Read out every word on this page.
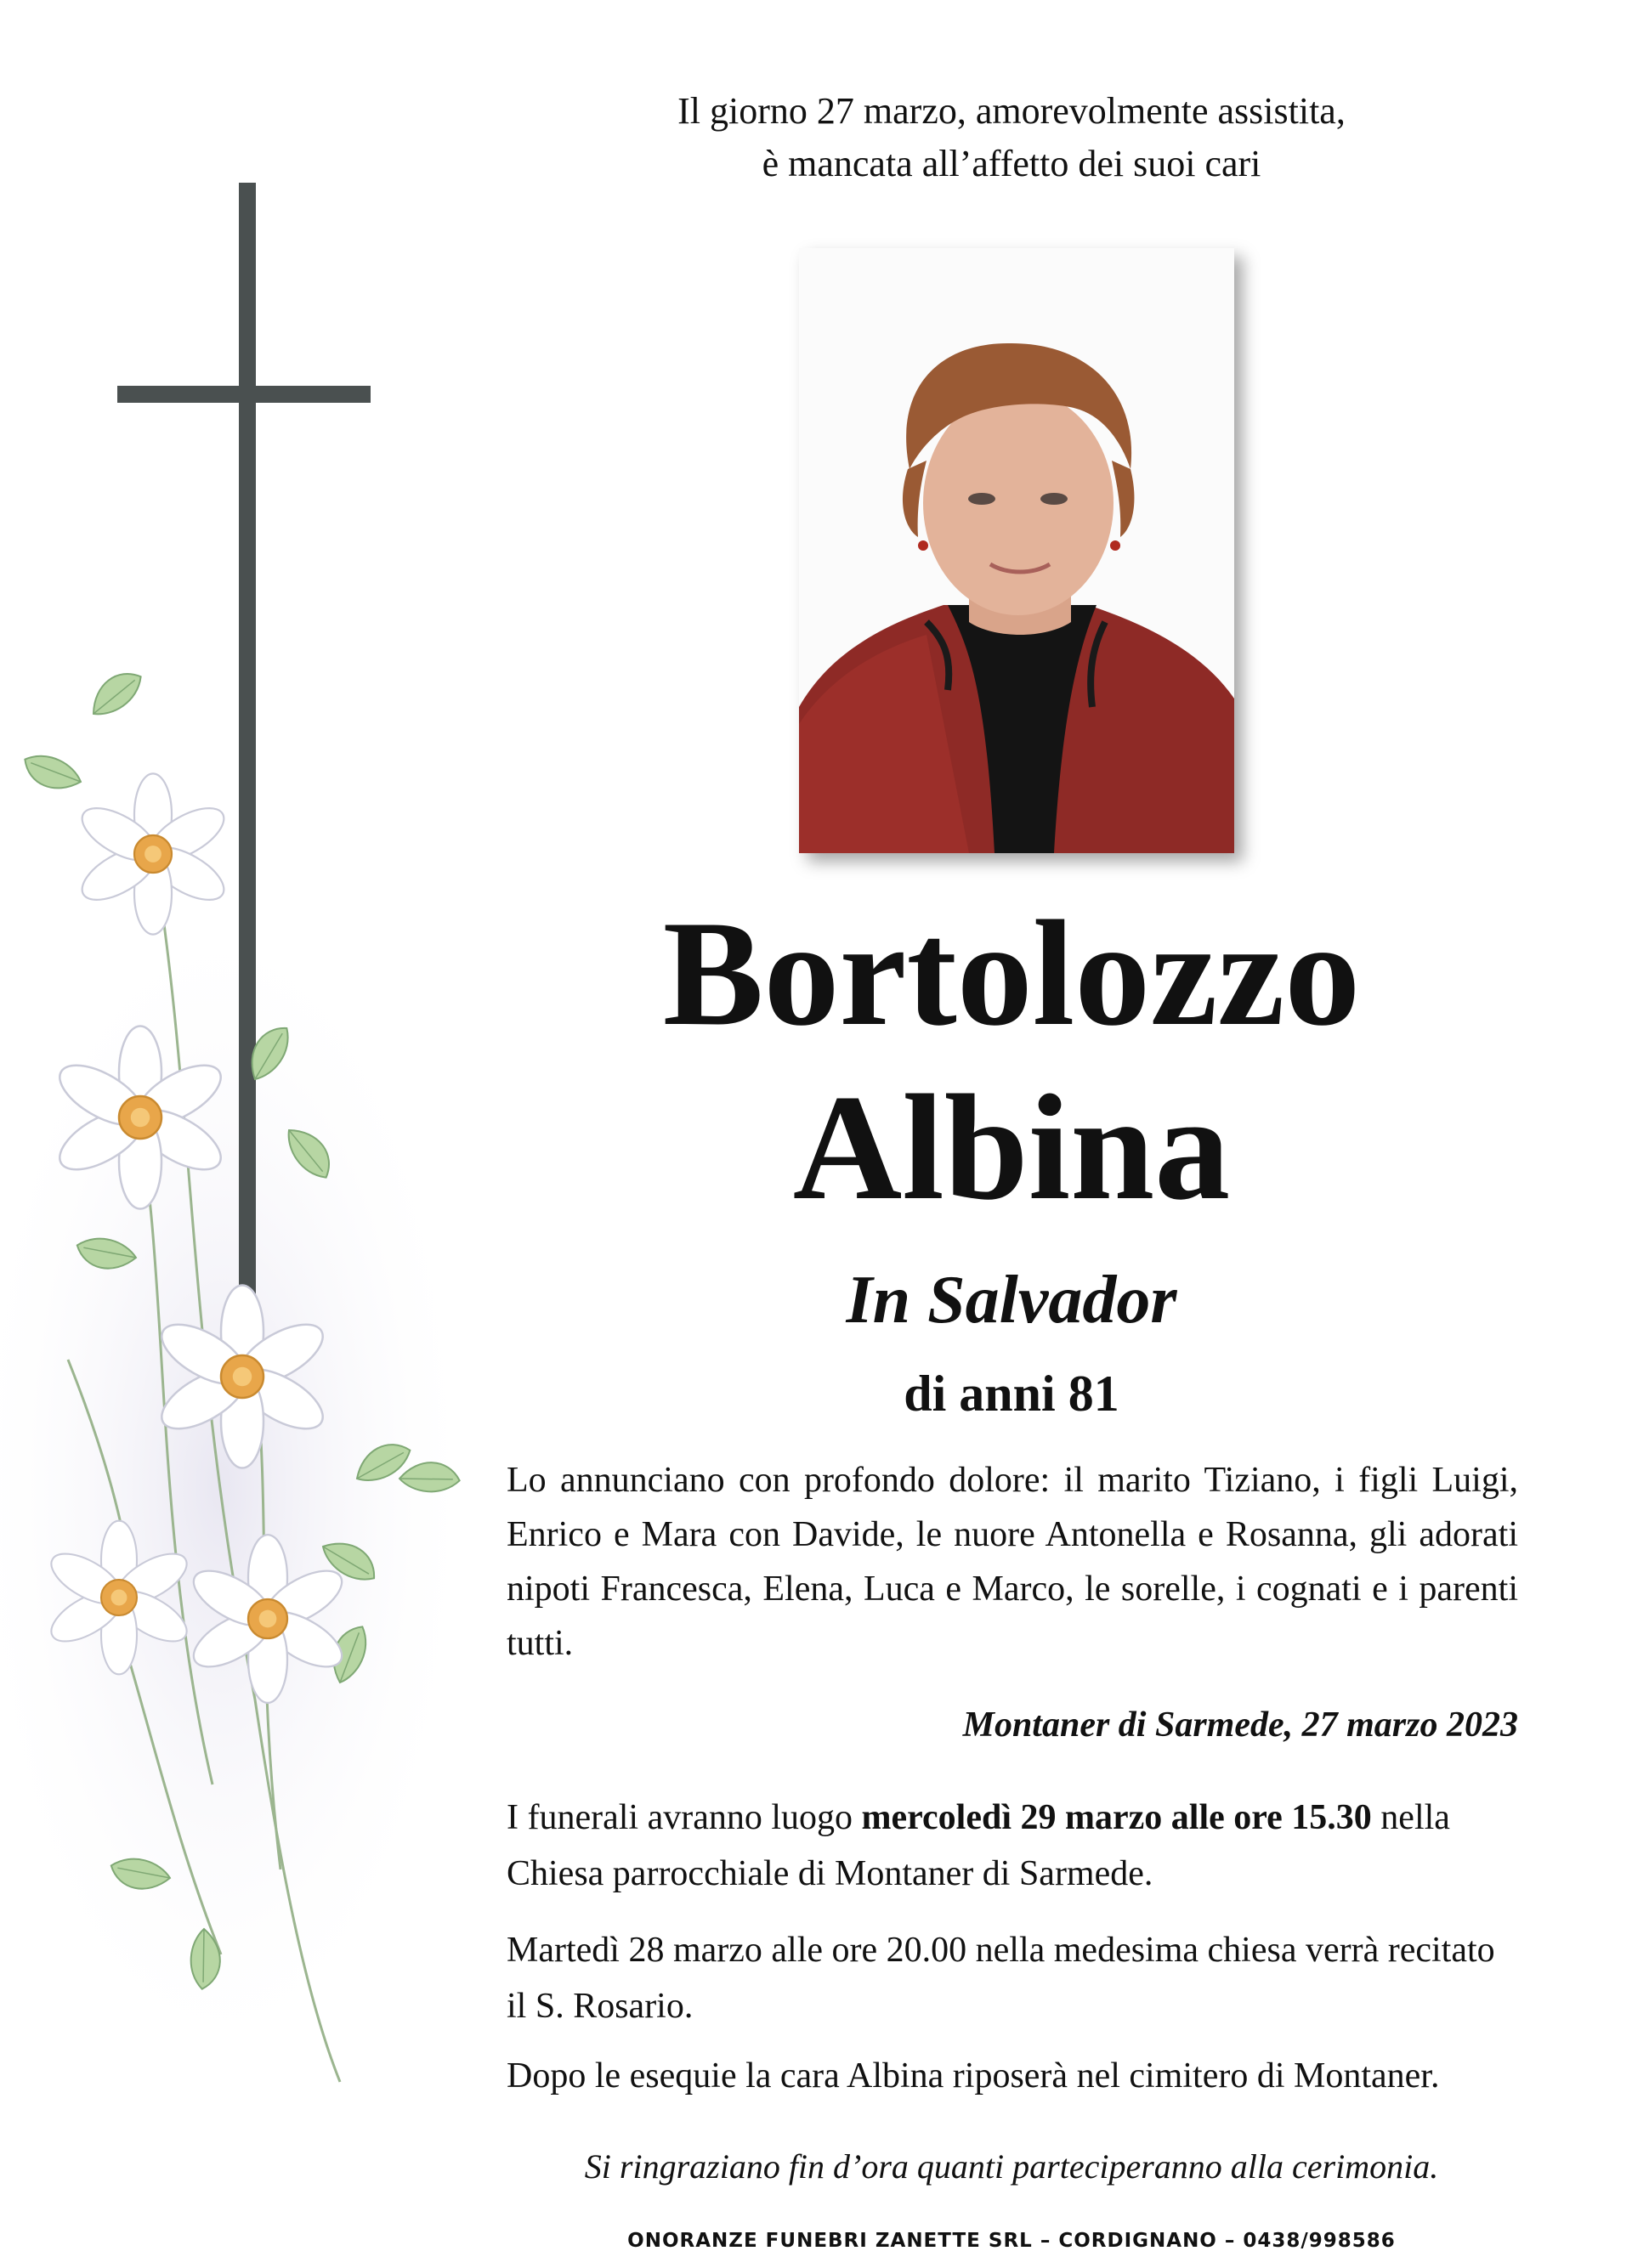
Il giorno 27 marzo, amorevolmente assistita,
è mancata all’affetto dei suoi cari
Bortolozzo
Albina
In Salvador
di anni 81
Lo annunciano con profondo dolore: il marito Tiziano, i figli Luigi, Enrico e Mara con Davide, le nuore Antonella e Rosanna, gli adorati nipoti Francesca, Elena, Luca e Marco, le sorelle, i cognati e i parenti tutti.
Montaner di Sarmede, 27 marzo 2023
I funerali avranno luogo mercoledì 29 marzo alle ore 15.30 nella Chiesa parrocchiale di Montaner di Sarmede.
Martedì 28 marzo alle ore 20.00 nella medesima chiesa verrà recitato il S. Rosario.
Dopo le esequie la cara Albina riposerà nel cimitero di Montaner.
Si ringraziano fin d’ora quanti parteciperanno alla cerimonia.
ONORANZE FUNEBRI ZANETTE SRL – CORDIGNANO – 0438/998586
